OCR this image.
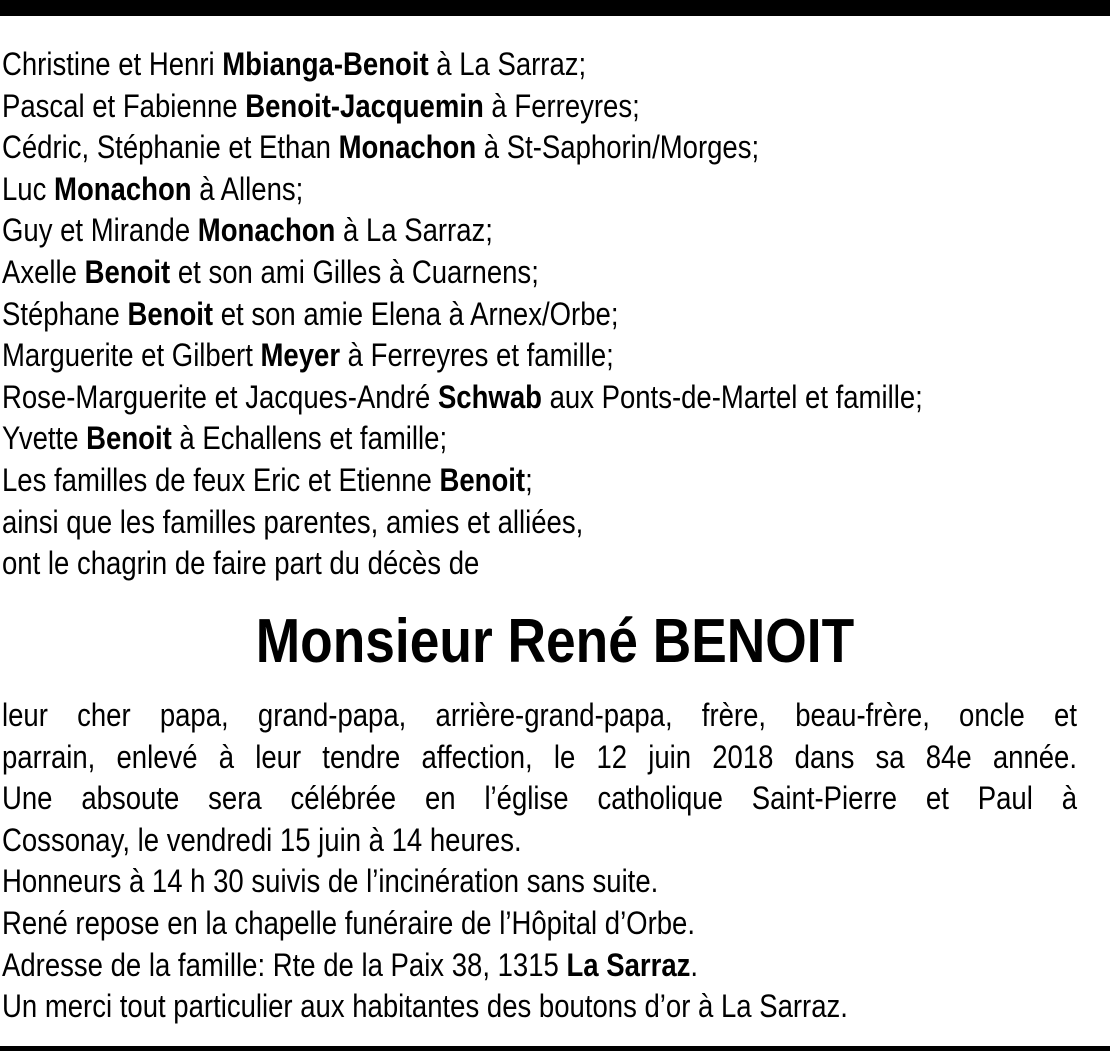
Christine et Henri Mbianga-Benoit à La Sarraz;
Pascal et Fabienne Benoit-Jacquemin à Ferreyres;
Cédric, Stéphanie et Ethan Monachon à St-Saphorin/Morges;
Luc Monachon à Allens;
Guy et Mirande Monachon à La Sarraz;
Axelle Benoit et son ami Gilles à Cuarnens;
Stéphane Benoit et son amie Elena à Arnex/Orbe;
Marguerite et Gilbert Meyer à Ferreyres et famille;
Rose-Marguerite et Jacques-André Schwab aux Ponts-de-Martel et famille;
Yvette Benoit à Echallens et famille;
Les familles de feux Eric et Etienne Benoit;
ainsi que les familles parentes, amies et alliées,
ont le chagrin de faire part du décès de
Monsieur René BENOIT
leur cher papa, grand-papa, arrière-grand-papa, frère, beau-frère, oncle et
parrain, enlevé à leur tendre affection, le 12 juin 2018 dans sa 84e année.
Une absoute sera célébrée en l’église catholique Saint-Pierre et Paul à
Cossonay, le vendredi 15 juin à 14 heures.
Honneurs à 14 h 30 suivis de l’incinération sans suite.
René repose en la chapelle funéraire de l’Hôpital d’Orbe.
Adresse de la famille: Rte de la Paix 38, 1315 La Sarraz.
Un merci tout particulier aux habitantes des boutons d’or à La Sarraz.
